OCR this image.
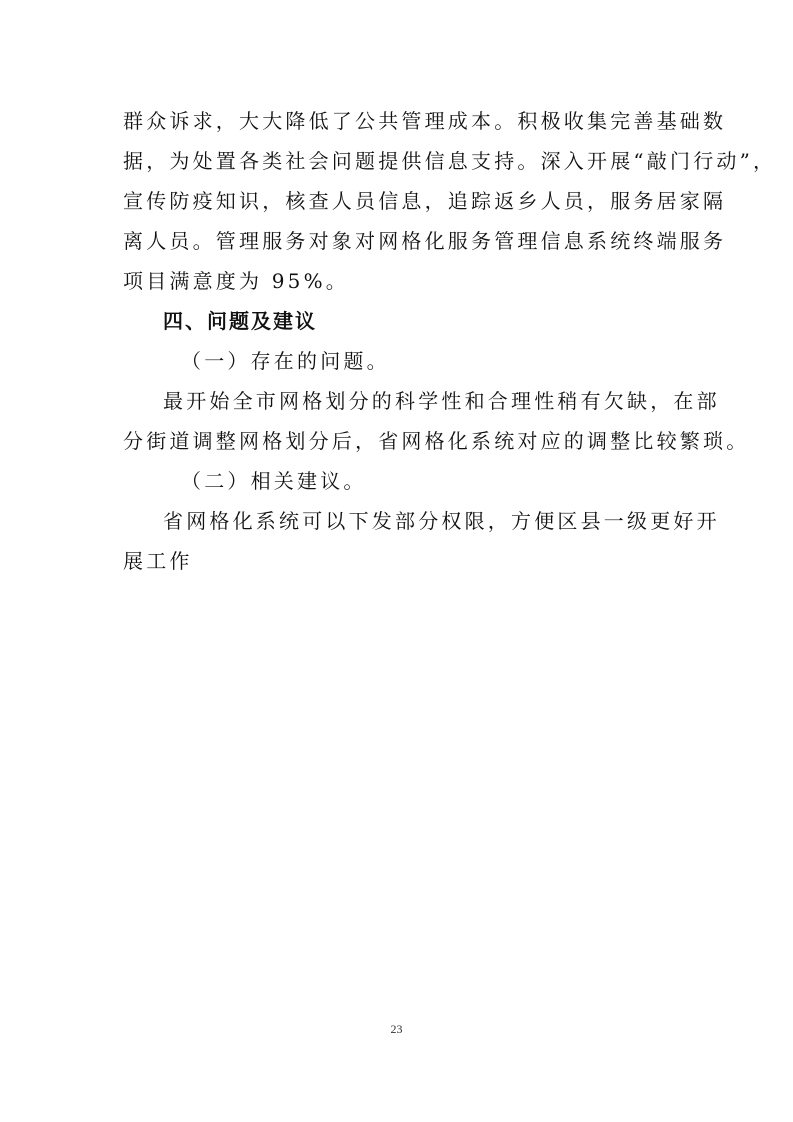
群众诉求，大大降低了公共管理成本。积极收集完善基础数
据，为处置各类社会问题提供信息支持。深入开展“敲门行动”，
宣传防疫知识，核查人员信息，追踪返乡人员，服务居家隔
离人员。管理服务对象对网格化服务管理信息系统终端服务
项目满意度为 95%。
四、问题及建议
（一）存在的问题。
最开始全市网格划分的科学性和合理性稍有欠缺，在部
分街道调整网格划分后，省网格化系统对应的调整比较繁琐。
（二）相关建议。
省网格化系统可以下发部分权限，方便区县一级更好开
展工作
23
